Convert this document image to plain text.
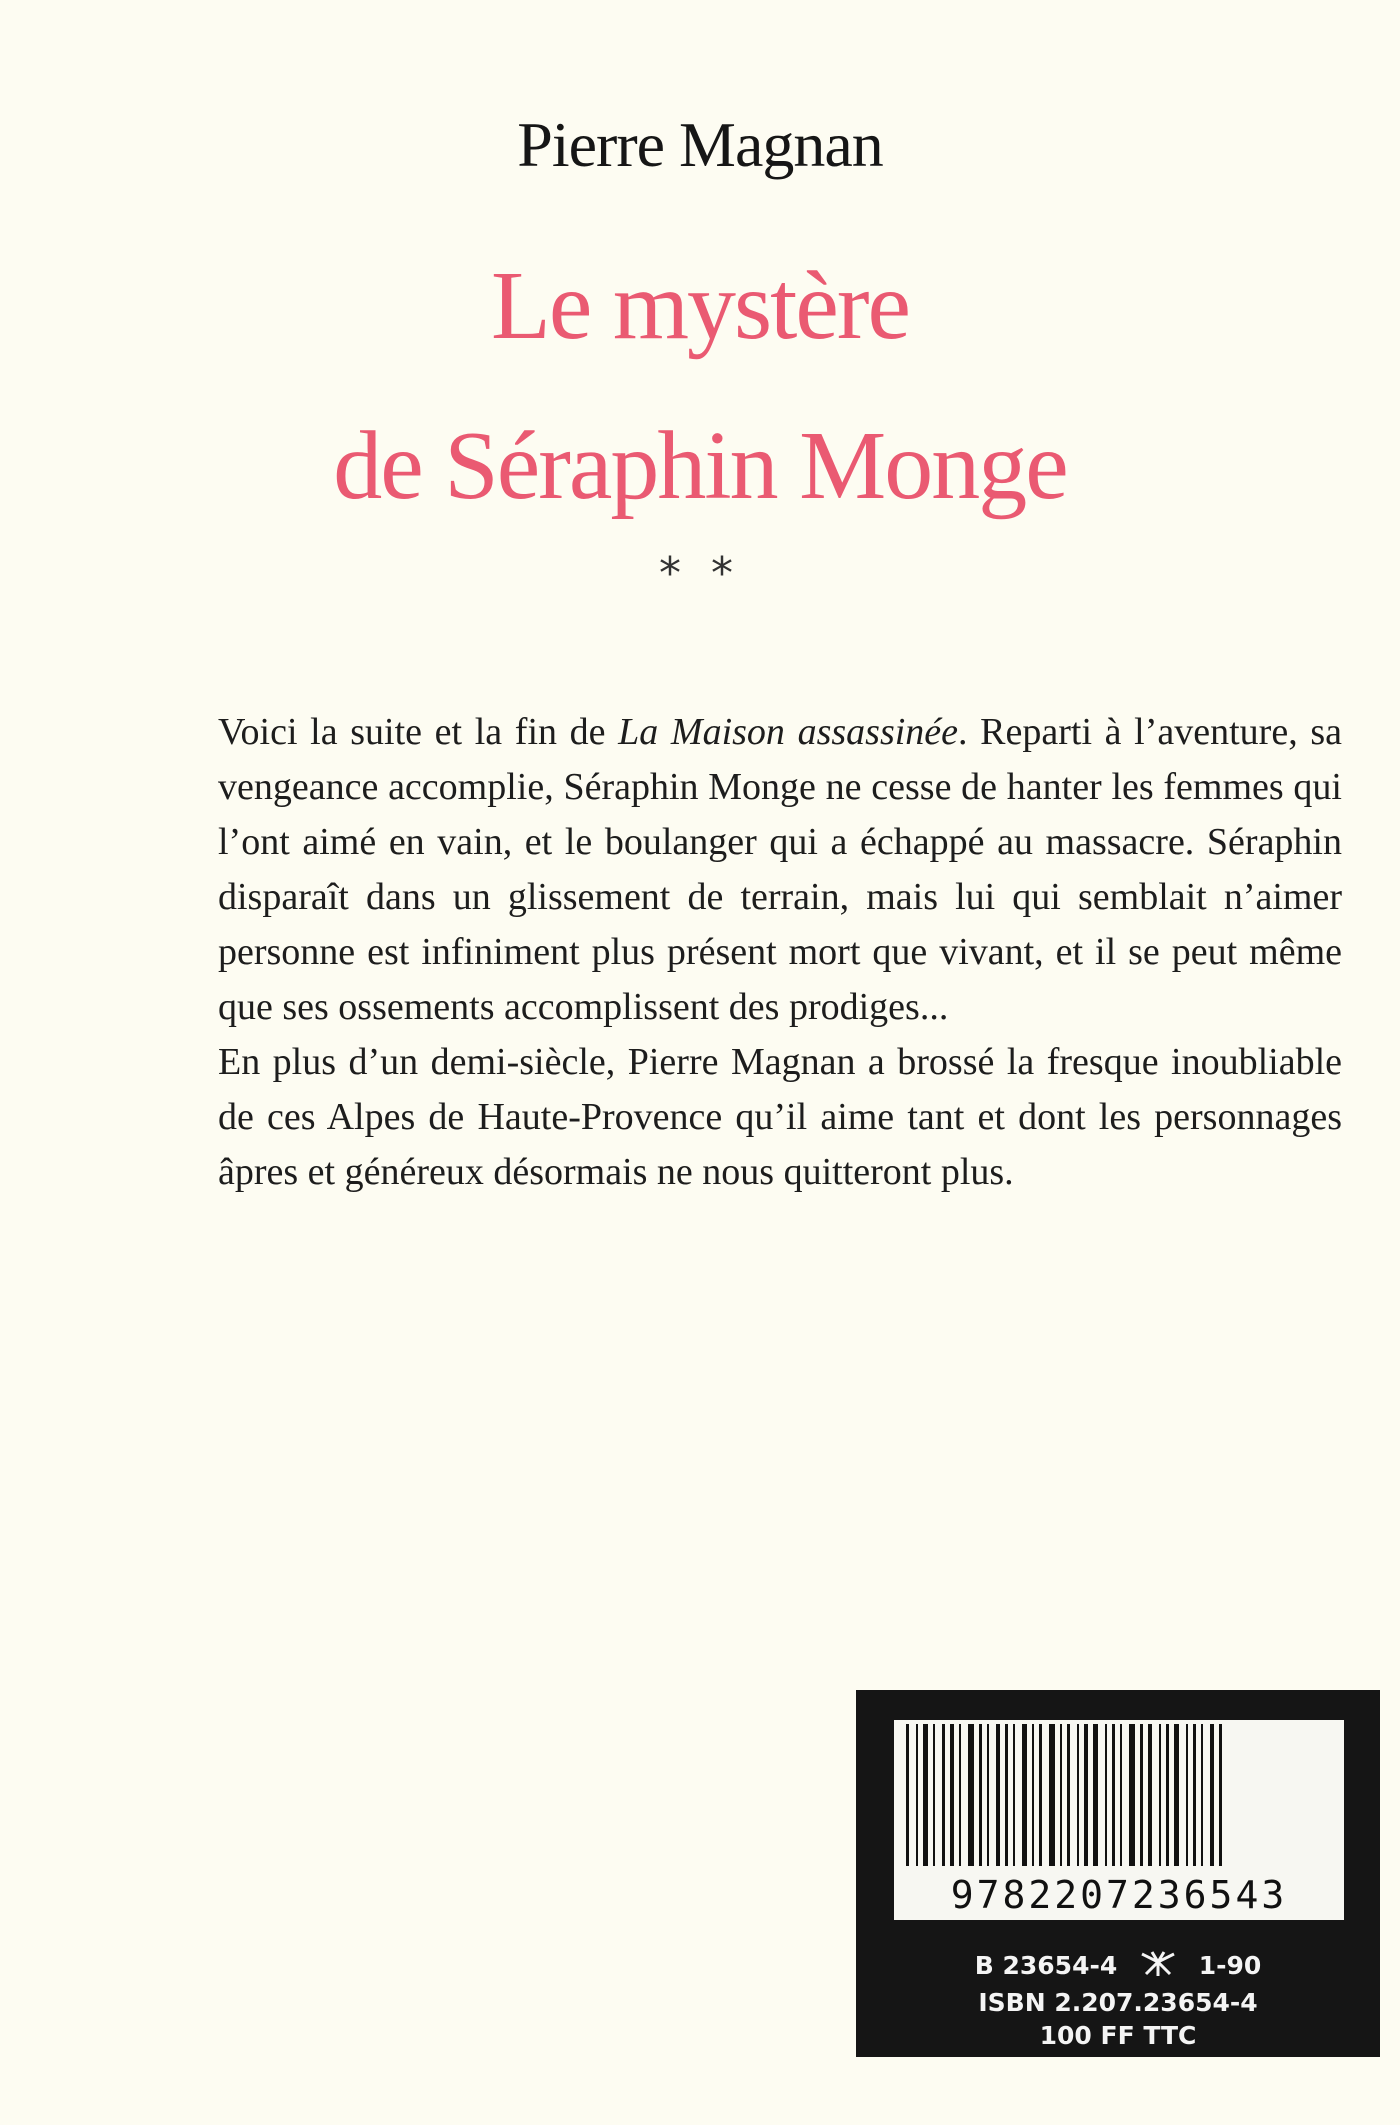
Pierre Magnan
Le mystère
de Séraphin Monge
* *

Voici la suite et la fin de La Maison assassinée. Reparti à l’aventure, sa vengeance accomplie, Séraphin Monge ne cesse de hanter les femmes qui l’ont aimé en vain, et le boulanger qui a échappé au massacre. Séraphin disparaît dans un glissement de terrain, mais lui qui semblait n’aimer personne est infiniment plus présent mort que vivant, et il se peut même que ses ossements accomplissent des prodiges...

En plus d’un demi-siècle, Pierre Magnan a brossé la fresque inoubliable de ces Alpes de Haute-Provence qu’il aime tant et dont les personnages âpres et généreux désormais ne nous quitteront plus.

9782207236543
B 23654-4	1-90
ISBN 2.207.23654-4
100 FF TTC
